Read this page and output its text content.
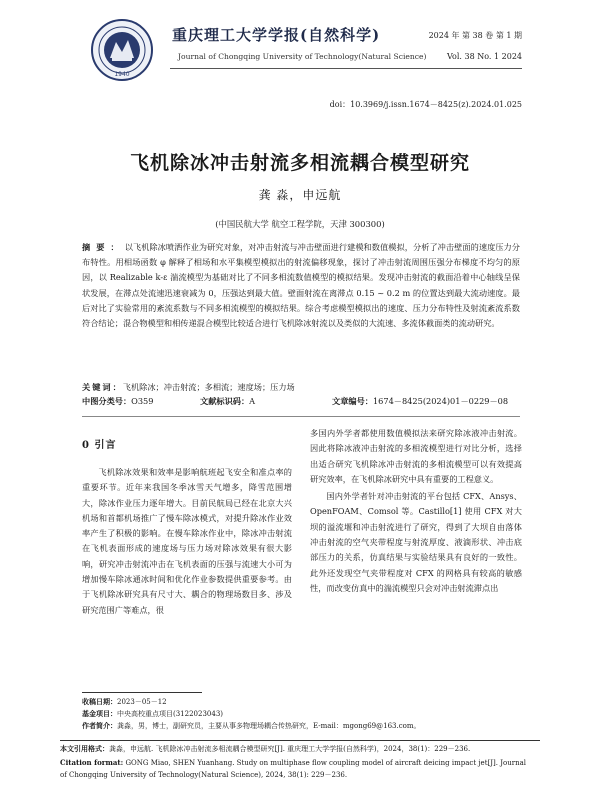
1940
重庆理工大学学报(自然科学)
Journal of Chongqing University of Technology(Natural Science)
2024 年 第 38 卷 第 1 期
Vol. 38 No. 1 2024
doi：10.3969/j.issn.1674－8425(z).2024.01.025
飞机除冰冲击射流多相流耦合模型研究
龚 淼，申远航
(中国民航大学 航空工程学院，天津 300300)
摘要：以飞机除冰喷洒作业为研究对象，对冲击射流与冲击壁面进行建模和数值模拟，分析了冲击壁面的速度压力分布特性。用相场函数 φ 解释了相场和水平集模型模拟出的射流偏移现象，探讨了冲击射流周围压强分布梯度不均匀的原因，以 Realizable k-ε 湍流模型为基础对比了不同多相流数值模型的模拟结果。发现冲击射流的截面沿着中心轴线呈保状发展，在滞点处流速迅速衰减为 0，压强达到最大值。壁面射流在离滞点 0.15 ~ 0.2 m 的位置达到最大流动速度。最后对比了实验常用的紊流系数与不同多相流模型的模拟结果。综合考虑模型模拟出的速度、压力分布特性及射流紊流系数符合结论；混合物模型和相传递混合模型比较适合进行飞机除冰射流以及类似的大流速、多流体截面类的流动研究。
关键词：飞机除冰；冲击射流；多相流；速度场；压力场
中图分类号：O359	文献标识码：A	文章编号：1674－8425(2024)01－0229－08
0 引言

飞机除冰效果和效率是影响航班起飞安全和准点率的重要环节。近年来我国冬季冰雪天气增多，降雪范围增大，除冰作业压力逐年增大。目前民航局已经在北京大兴机场和首都机场推广了慢车除冰模式，对提升除冰作业效率产生了积极的影响。在慢车除冰作业中，除冰冲击射流在飞机表面形成的速度场与压力场对除冰效果有很大影响，研究冲击射流冲击在飞机表面的压强与流速大小可为增加慢车除冰通冰时间和优化作业参数提供重要参考。由于飞机除冰研究具有尺寸大、耦合的物理场数目多、涉及研究范围广等难点，很

多国内外学者都使用数值模拟法来研究除冰液冲击射流。因此将除冰液冲击射流的多相流模型进行对比分析，选择出适合研究飞机除冰冲击射流的多相流模型可以有效提高研究效率，在飞机除冰研究中具有重要的工程意义。

国内外学者针对冲击射流的平台包括 CFX、Ansys、OpenFOAM、Comsol 等。Castillo[1] 使用 CFX 对大坝的溢流堰和冲击射流进行了研究，得到了大坝自由落体冲击射流的空气夹带程度与射流厚度、液滴形状、冲击底部压力的关系，仿真结果与实验结果具有良好的一致性。此外还发现空气夹带程度对 CFX 的网格具有较高的敏感性，而改变仿真中的湍流模型只会对冲击射流滞点出

收稿日期：2023－05－12
基金项目：中央高校重点项目(3122023043)
作者简介：龚淼，男，博士，副研究员，主要从事多物理场耦合传热研究，E-mail：mgong69@163.com。
本文引用格式：龚淼，申远航. 飞机除冰冲击射流多相流耦合模型研究[J]. 重庆理工大学学报(自然科学)，2024，38(1)：229－236.
Citation format: GONG Miao, SHEN Yuanhang. Study on multiphase flow coupling model of aircraft deicing impact jet[J]. Journal of Chongqing University of Technology(Natural Science), 2024, 38(1): 229－236.
